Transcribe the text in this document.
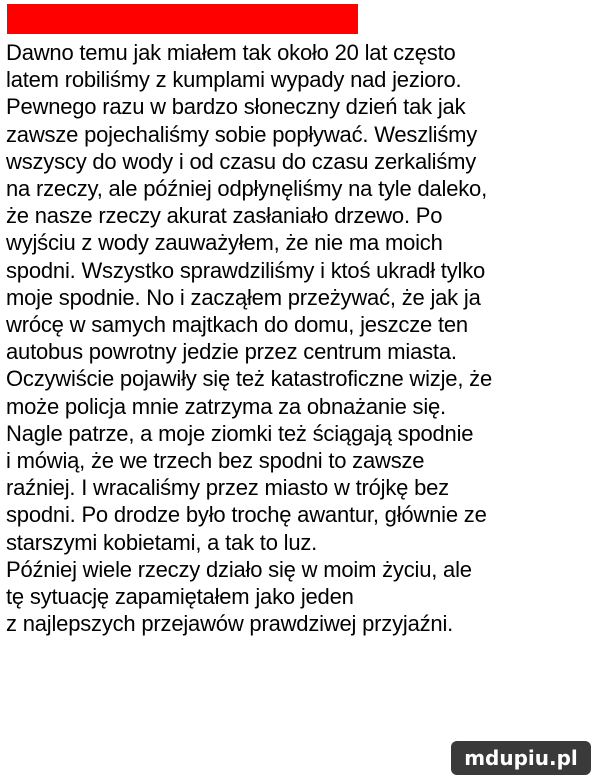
Dawno temu jak miałem tak około 20 lat często
latem robiliśmy z kumplami wypady nad jezioro.
Pewnego razu w bardzo słoneczny dzień tak jak
zawsze pojechaliśmy sobie popływać. Weszliśmy
wszyscy do wody i od czasu do czasu zerkaliśmy
na rzeczy, ale później odpłynęliśmy na tyle daleko,
że nasze rzeczy akurat zasłaniało drzewo. Po
wyjściu z wody zauważyłem, że nie ma moich
spodni. Wszystko sprawdziliśmy i ktoś ukradł tylko
moje spodnie. No i zacząłem przeżywać, że jak ja
wrócę w samych majtkach do domu, jeszcze ten
autobus powrotny jedzie przez centrum miasta.
Oczywiście pojawiły się też katastroficzne wizje, że
może policja mnie zatrzyma za obnażanie się.
Nagle patrze, a moje ziomki też ściągają spodnie
i mówią, że we trzech bez spodni to zawsze
raźniej. I wracaliśmy przez miasto w trójkę bez
spodni. Po drodze było trochę awantur, głównie ze
starszymi kobietami, a tak to luz.
Później wiele rzeczy działo się w moim życiu, ale
tę sytuację zapamiętałem jako jeden
z najlepszych przejawów prawdziwej przyjaźni.
mdupiu.pl
